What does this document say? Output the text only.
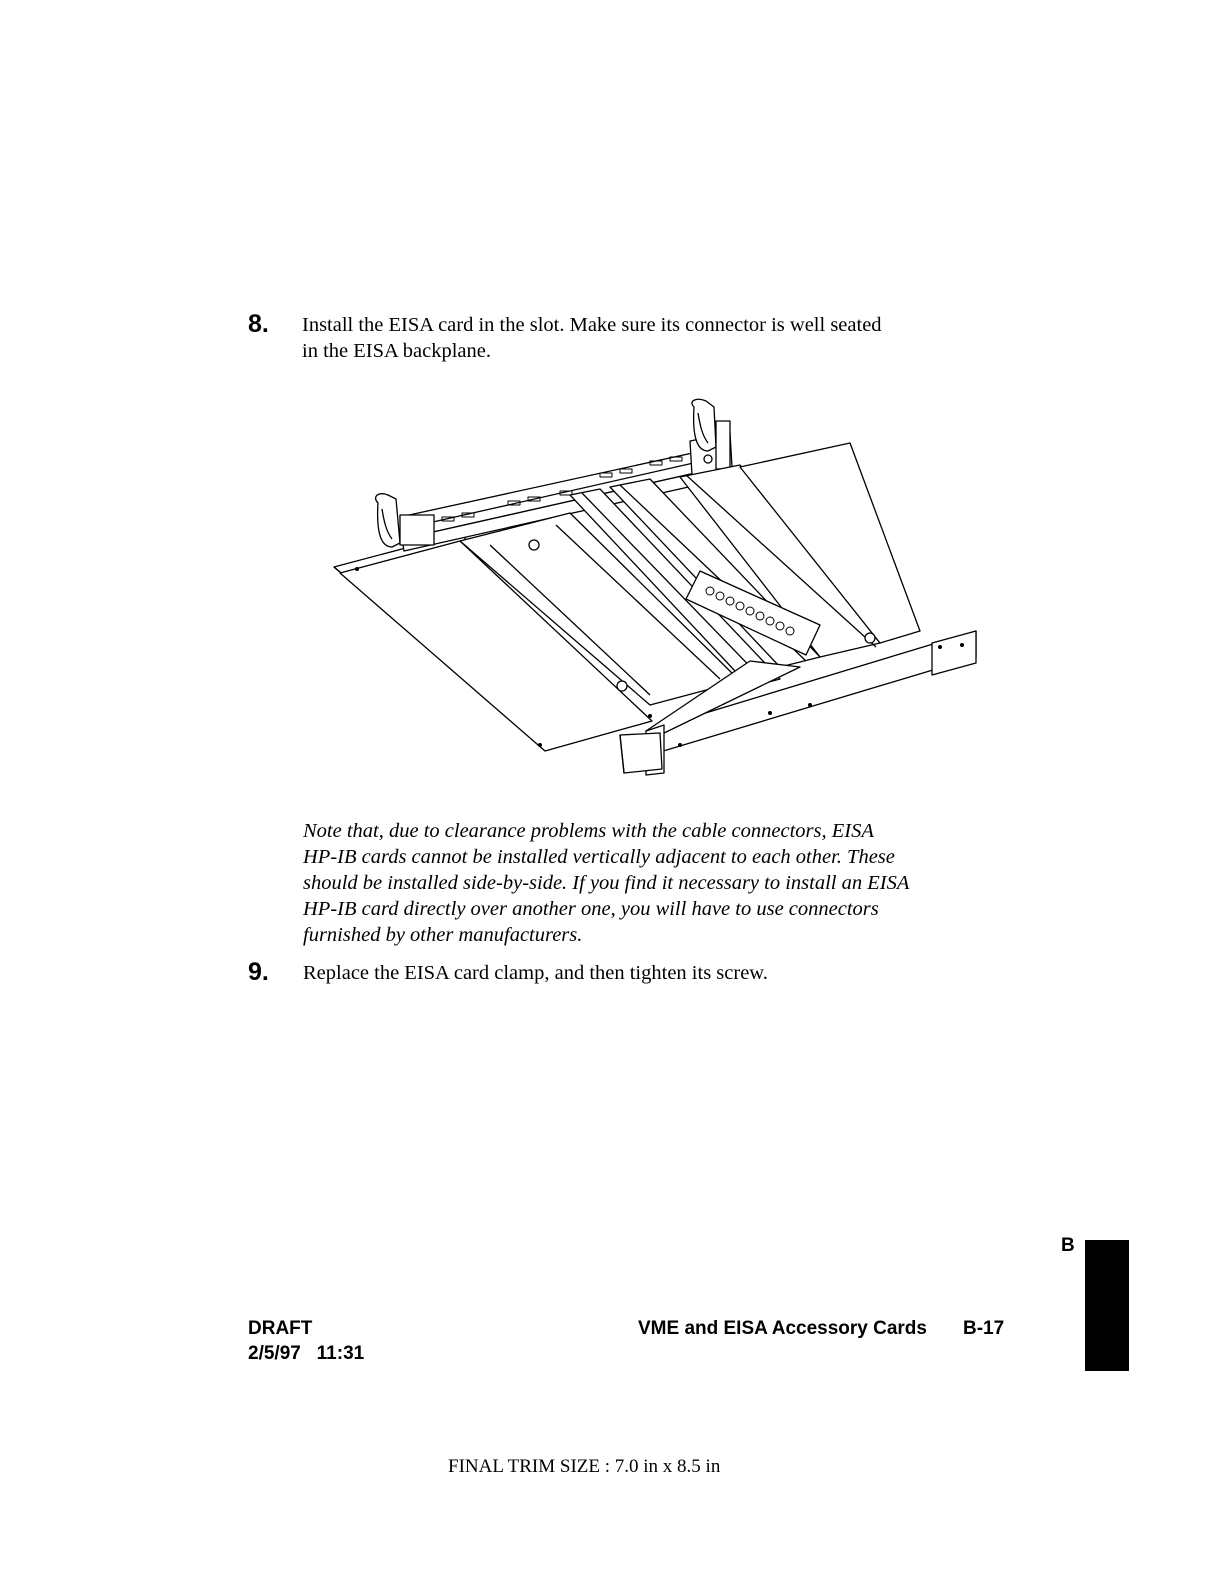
8. Install the EISA card in the slot. Make sure its connector is well seated
in the EISA backplane.
Note that, due to clearance problems with the cable connectors, EISA
HP-IB cards cannot be installed vertically adjacent to each other. These
should be installed side-by-side. If you find it necessary to install an EISA
HP-IB card directly over another one, you will have to use connectors
furnished by other manufacturers.
9. Replace the EISA card clamp, and then tighten its screw.
B
DRAFT
2/5/97   11:31
VME and EISA Accessory Cards B-17
FINAL TRIM SIZE : 7.0 in x 8.5 in
